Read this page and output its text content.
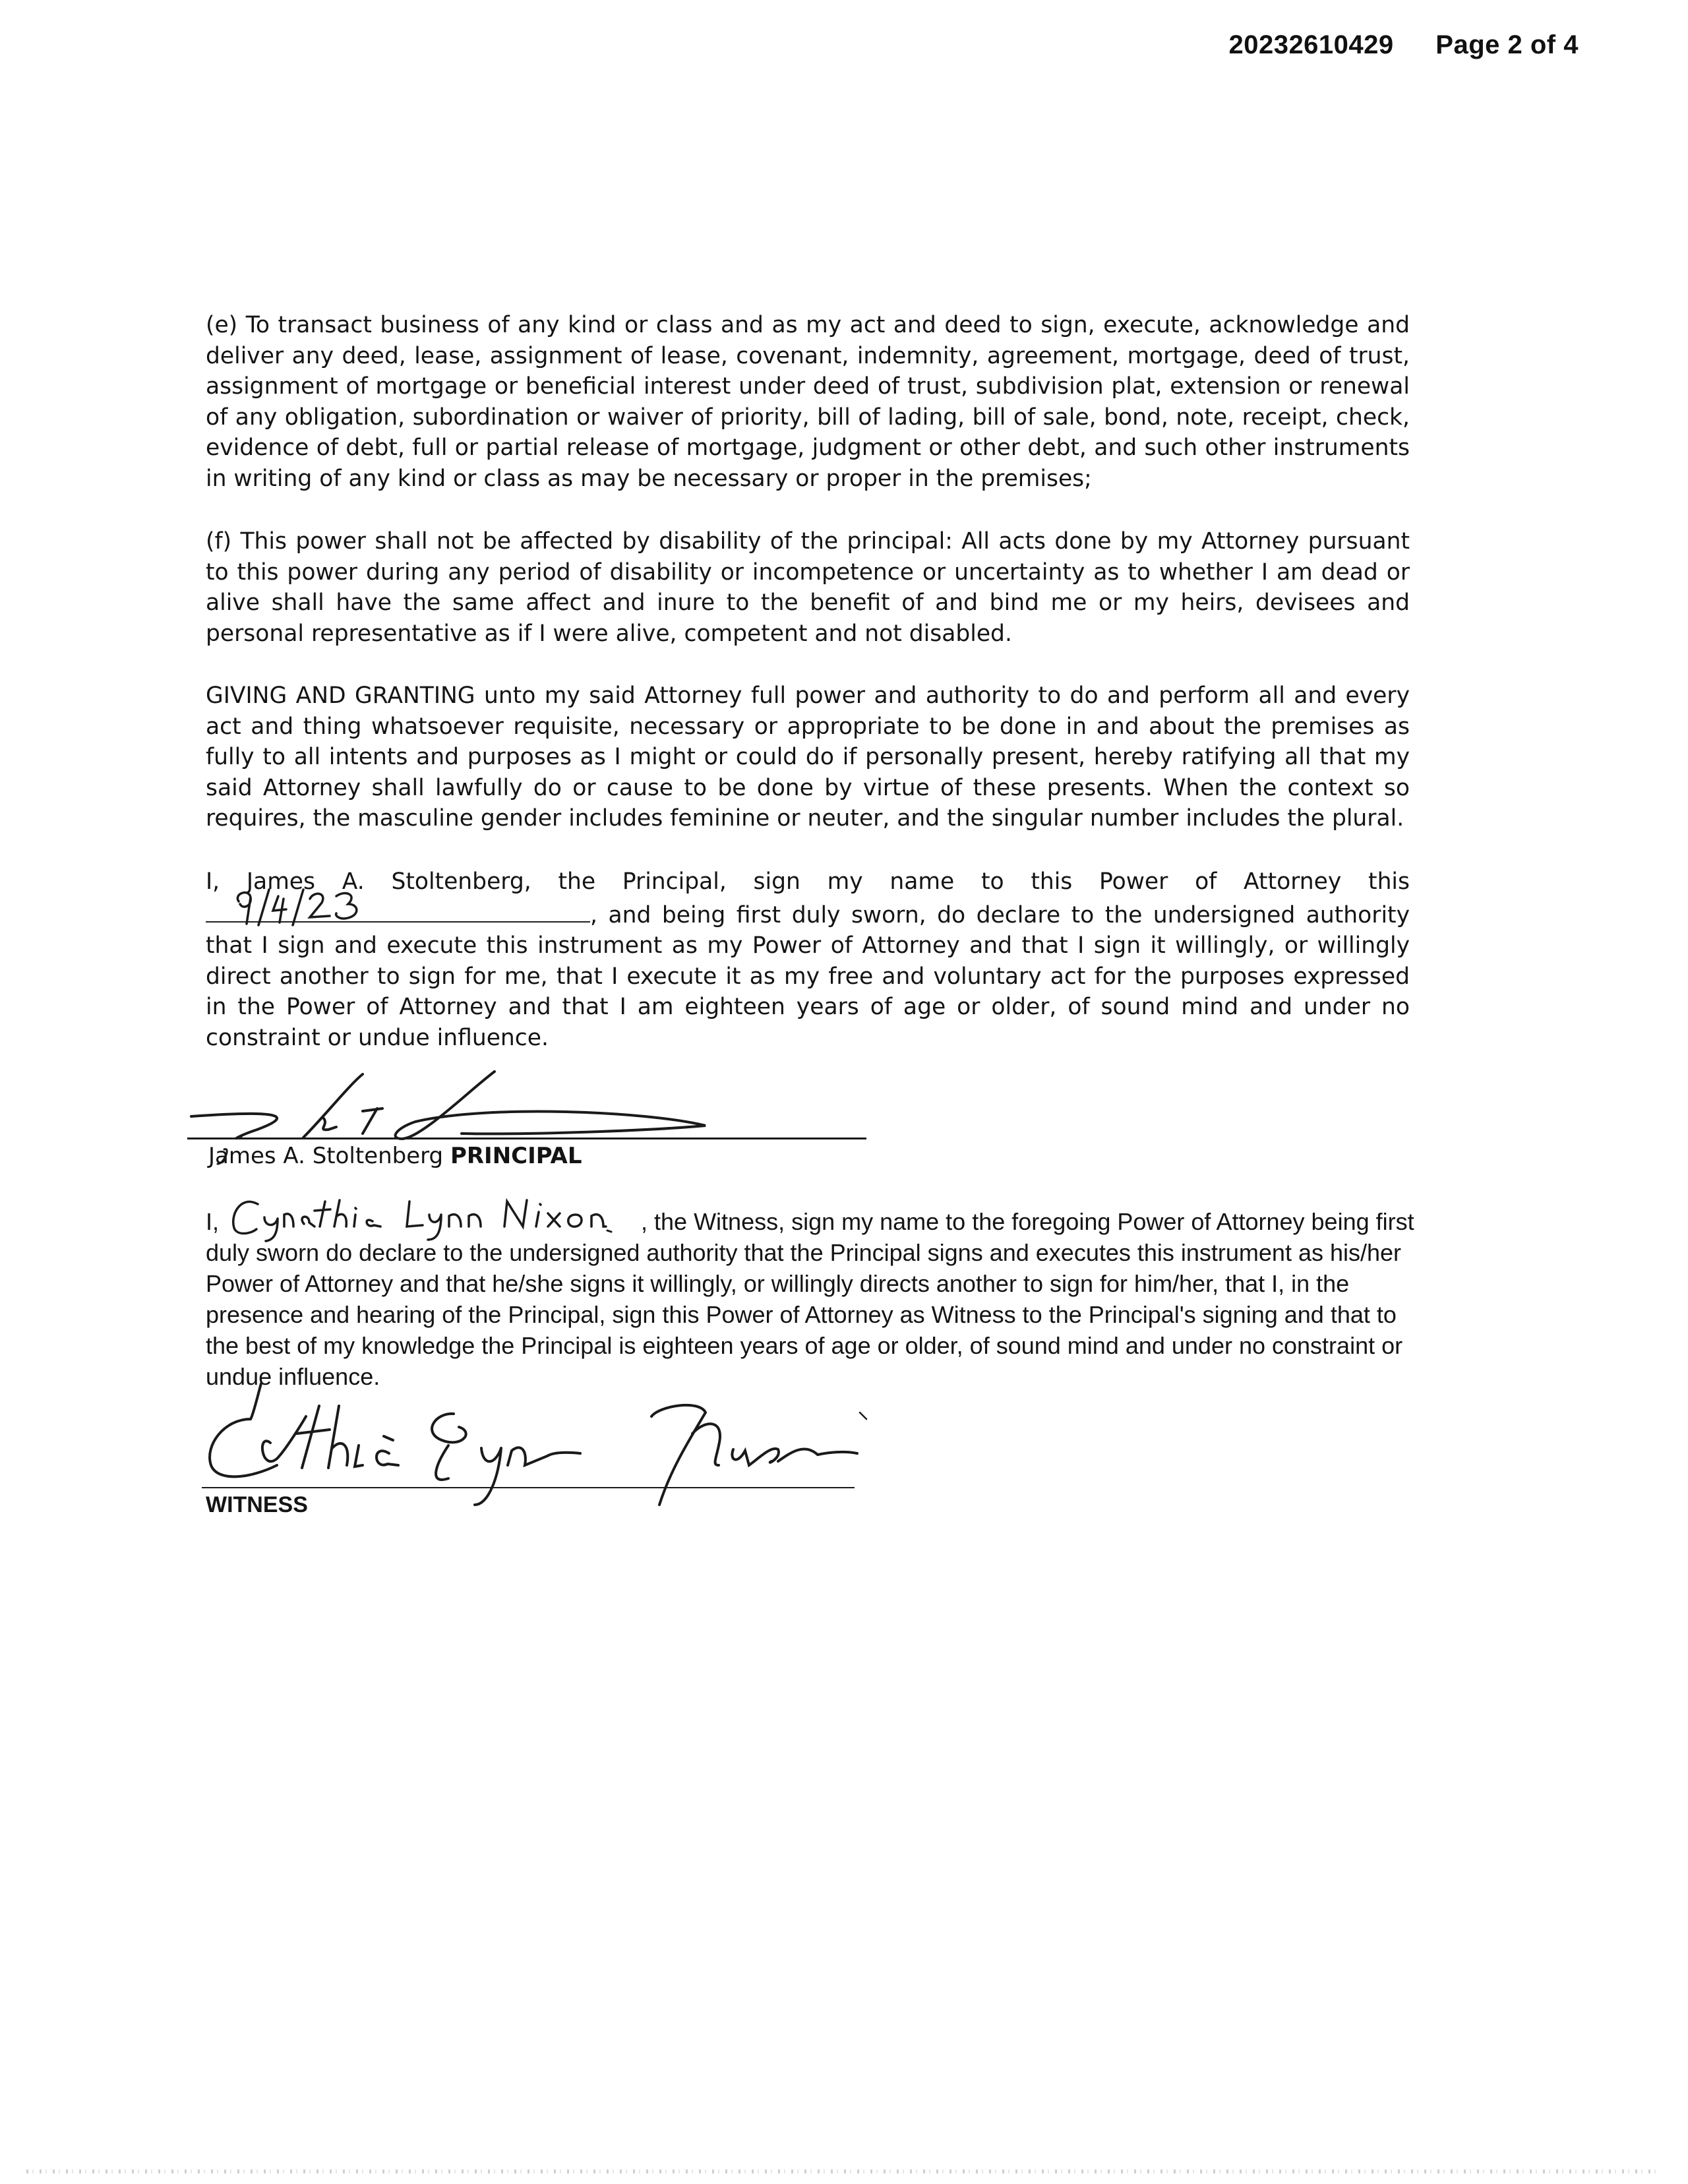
20232610429 Page 2 of 4

(e) To transact business of any kind or class and as my act and deed to sign, execute, acknowledge and deliver any deed, lease, assignment of lease, covenant, indemnity, agreement, mortgage, deed of trust, assignment of mortgage or beneficial interest under deed of trust, subdivision plat, extension or renewal of any obligation, subordination or waiver of priority, bill of lading, bill of sale, bond, note, receipt, check, evidence of debt, full or partial release of mortgage, judgment or other debt, and such other instruments in writing of any kind or class as may be necessary or proper in the premises;

(f) This power shall not be affected by disability of the principal: All acts done by my Attorney pursuant to this power during any period of disability or incompetence or uncertainty as to whether I am dead or alive shall have the same affect and inure to the benefit of and bind me or my heirs, devisees and personal representative as if I were alive, competent and not disabled.

GIVING AND GRANTING unto my said Attorney full power and authority to do and perform all and every act and thing whatsoever requisite, necessary or appropriate to be done in and about the premises as fully to all intents and purposes as I might or could do if personally present, hereby ratifying all that my said Attorney shall lawfully do or cause to be done by virtue of these presents. When the context so requires, the masculine gender includes feminine or neuter, and the singular number includes the plural.

I, James A. Stoltenberg, the Principal, sign my name to this Power of Attorney this , and being first duly sworn, do declare to the undersigned authority that I sign and execute this instrument as my Power of Attorney and that I sign it willingly, or willingly direct another to sign for me, that I execute it as my free and voluntary act for the purposes expressed in the Power of Attorney and that I am eighteen years of age or older, of sound mind and under no constraint or undue influence.

James A. Stoltenberg PRINCIPAL

I,	, the Witness, sign my name to the foregoing Power of Attorney being first duly sworn do declare to the undersigned authority that the Principal signs and executes this instrument as his/her Power of Attorney and that he/she signs it willingly, or willingly directs another to sign for him/her, that I, in the presence and hearing of the Principal, sign this Power of Attorney as Witness to the Principal's signing and that to the best of my knowledge the Principal is eighteen years of age or older, of sound mind and under no constraint or undue influence.

WITNESS
